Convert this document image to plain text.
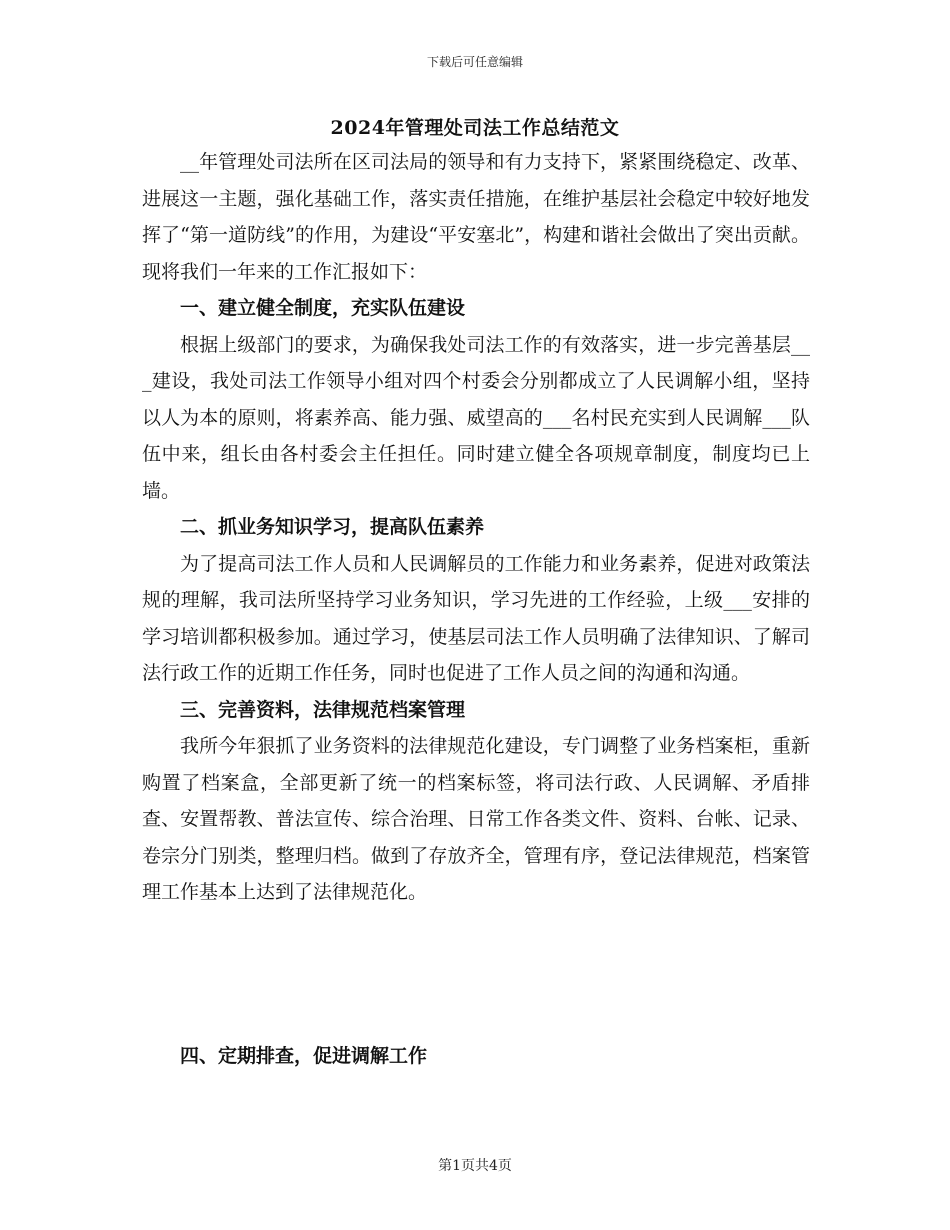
下载后可任意编辑
2024年管理处司法工作总结范文

__年管理处司法所在区司法局的领导和有力支持下，紧紧围绕稳定、改革、进展这一主题，强化基础工作，落实责任措施，在维护基层社会稳定中较好地发挥了“第一道防线”的作用，为建设“平安塞北”，构建和谐社会做出了突出贡献。现将我们一年来的工作汇报如下：

一、建立健全制度，充实队伍建设

根据上级部门的要求，为确保我处司法工作的有效落实，进一步完善基层___建设，我处司法工作领导小组对四个村委会分别都成立了人民调解小组，坚持以人为本的原则，将素养高、能力强、威望高的___名村民充实到人民调解___队伍中来，组长由各村委会主任担任。同时建立健全各项规章制度，制度均已上墙。

二、抓业务知识学习，提高队伍素养

为了提高司法工作人员和人民调解员的工作能力和业务素养，促进对政策法规的理解，我司法所坚持学习业务知识，学习先进的工作经验，上级___安排的学习培训都积极参加。通过学习，使基层司法工作人员明确了法律知识、了解司法行政工作的近期工作任务，同时也促进了工作人员之间的沟通和沟通。

三、完善资料，法律规范档案管理

我所今年狠抓了业务资料的法律规范化建设，专门调整了业务档案柜，重新购置了档案盒，全部更新了统一的档案标签，将司法行政、人民调解、矛盾排查、安置帮教、普法宣传、综合治理、日常工作各类文件、资料、台帐、记录、卷宗分门别类，整理归档。做到了存放齐全，管理有序，登记法律规范，档案管理工作基本上达到了法律规范化。

四、定期排查，促进调解工作
第1页共4页
